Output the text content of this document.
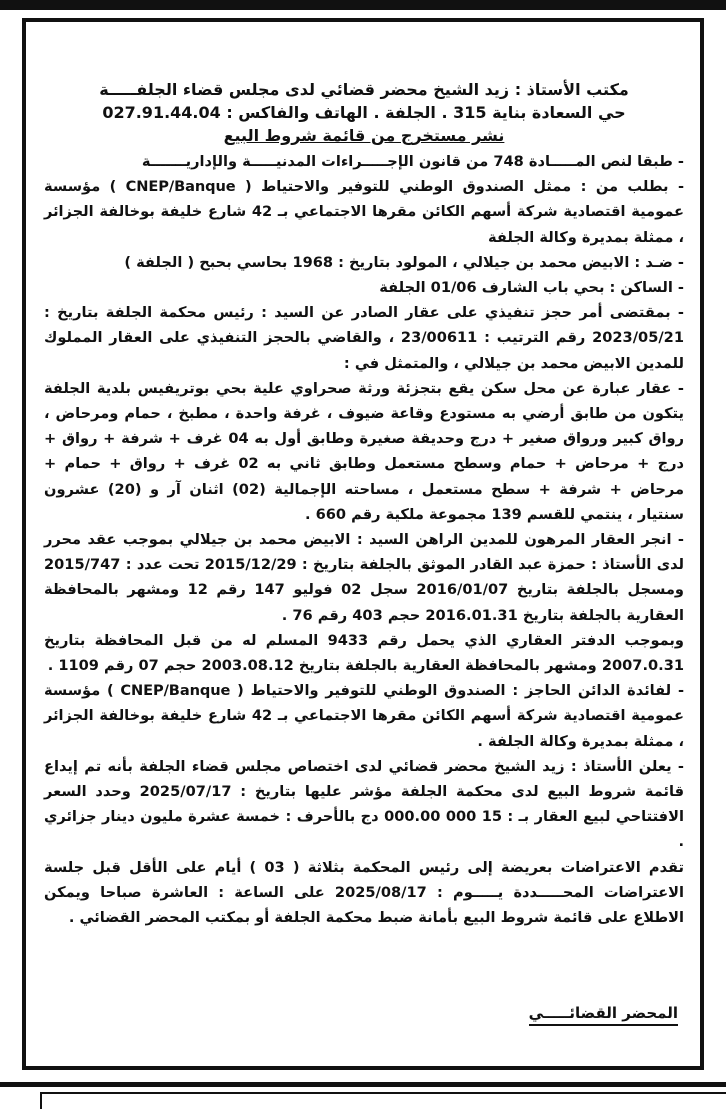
مكتب الأستاذ : زيد الشيخ محضر قضائي لدى مجلس قضاء الجلفـــــة

حي السعادة بناية 315 . الجلفة . الهاتف والفاكس : 027.91.44.04

نشر مستخرج من قائمة شروط البيع

- طبقا لنص المـــــادة 748 من قانون الإجـــــراءات المدنيـــــة والإداريـــــــة

- بطلب من : ممثل الصندوق الوطني للتوفير والاحتياط ( CNEP/Banque ) مؤسسة عمومية اقتصادية شركة أسهم الكائن مقرها الاجتماعي بـ 42 شارع خليفة بوخالفة الجزائر ، ممثلة بمديرة وكالة الجلفة

- ضـد : الابيض محمد بن جيلالي ، المولود بتاريخ : 1968 بحاسي بحبح ( الجلفة )

- الساكن : بحي باب الشارف 01/06 الجلفة

- بمقتضى أمر حجز تنفيذي على عقار الصادر عن السيد : رئيس محكمة الجلفة بتاريخ : 2023/05/21 رقم الترتيب : 23/00611 ، والقاضي بالحجز التنفيذي على العقار المملوك للمدين الابيض محمد بن جيلالي ، والمتمثل في :

- عقار عبارة عن محل سكن يقع بتجزئة ورثة صحراوي علية بحي بوتريفيس بلدية الجلفة يتكون من طابق أرضي به مستودع وقاعة ضيوف ، غرفة واحدة ، مطبخ ، حمام ومرحاض ، رواق كبير ورواق صغير + درج وحديقة صغيرة وطابق أول به 04 غرف + شرفة + رواق + درج + مرحاض + حمام وسطح مستعمل وطابق ثاني به 02 غرف + رواق + حمام + مرحاض + شرفة + سطح مستعمل ، مساحته الإجمالية (02) اثنان آر و (20) عشرون سنتيار ، ينتمي للقسم 139 مجموعة ملكية رقم 660 .

- انجر العقار المرهون للمدين الراهن السيد : الابيض محمد بن جيلالي بموجب عقد محرر لدى الأستاذ : حمزة عبد القادر الموثق بالجلفة بتاريخ : 2015/12/29 تحت عدد : 2015/747 ومسجل بالجلفة بتاريخ 2016/01/07 سجل 02 فوليو 147 رقم 12 ومشهر بالمحافظة العقارية بالجلفة بتاريخ 2016.01.31 حجم 403 رقم 76 .

وبموجب الدفتر العقاري الذي يحمل رقم 9433 المسلم له من قبل المحافظة بتاريخ 2007.0.31 ومشهر بالمحافظة العقارية بالجلفة بتاريخ 2003.08.12 حجم 07 رقم 1109 .

- لفائدة الدائن الحاجز : الصندوق الوطني للتوفير والاحتياط ( CNEP/Banque ) مؤسسة عمومية اقتصادية شركة أسهم الكائن مقرها الاجتماعي بـ 42 شارع خليفة بوخالفة الجزائر ، ممثلة بمديرة وكالة الجلفة .

- يعلن الأستاذ : زيد الشيخ محضر قضائي لدى اختصاص مجلس قضاء الجلفة بأنه تم إيداع قائمة شروط البيع لدى محكمة الجلفة مؤشر عليها بتاريخ : 2025/07/17 وحدد السعر الافتتاحي لبيع العقار بـ : 15 000 000.00 دج بالأحرف : خمسة عشرة مليون دينار جزائري .

تقدم الاعتراضات بعريضة إلى رئيس المحكمة بثلاثة ( 03 ) أيام على الأقل قبل جلسة الاعتراضات المحـــــددة يـــــوم : 2025/08/17 على الساعة : العاشرة صباحا ويمكن الاطلاع على قائمة شروط البيع بأمانة ضبط محكمة الجلفة أو بمكتب المحضر القضائي .

المحضر القضائـــــي
